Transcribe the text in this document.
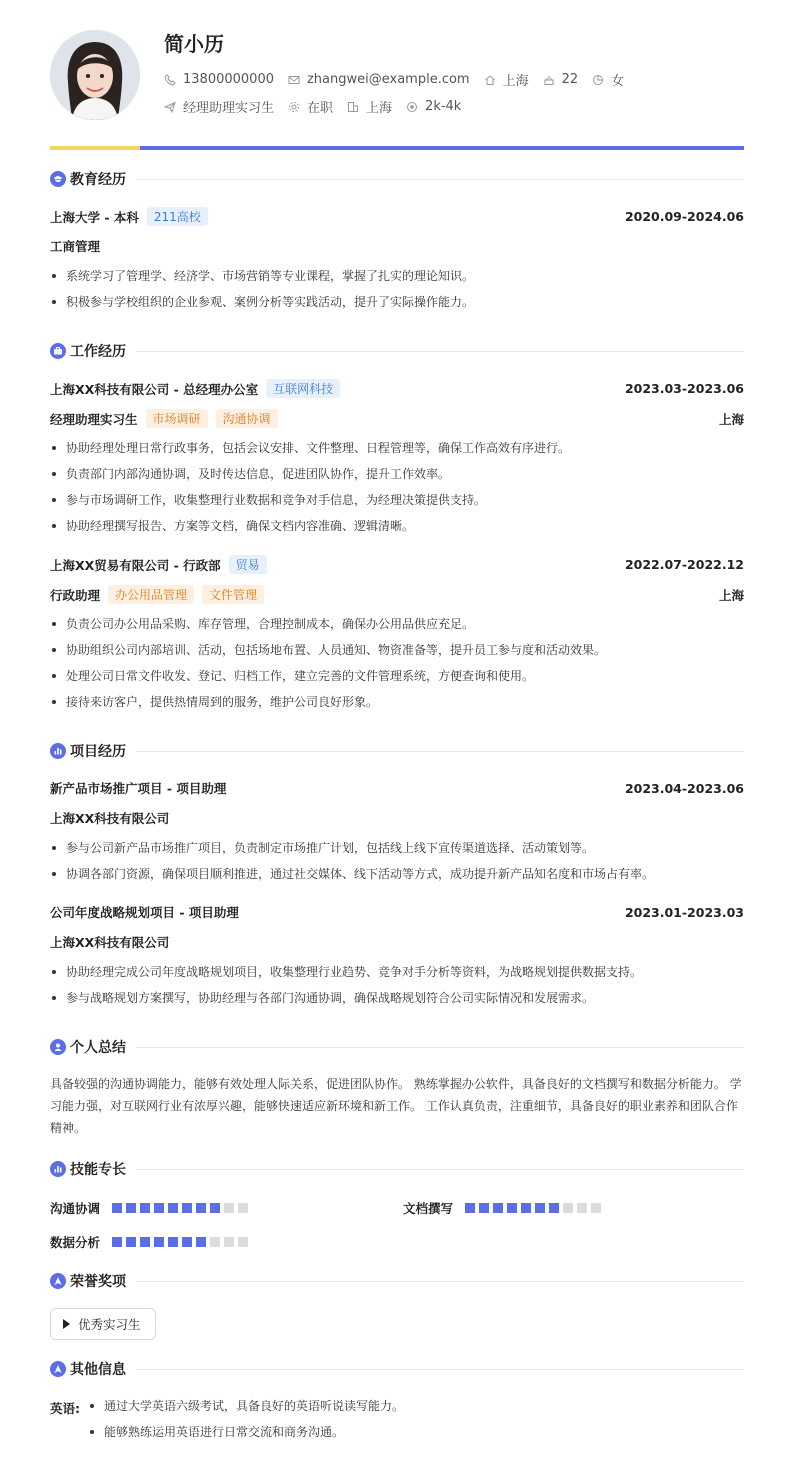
简小历
13800000000	zhangwei@example.com	上海	22	女
经理助理实习生	在职	上海	2k-4k
教育经历
上海大学 - 本科	211高校	2020.09-2024.06
工商管理
系统学习了管理学、经济学、市场营销等专业课程，掌握了扎实的理论知识。
积极参与学校组织的企业参观、案例分析等实践活动，提升了实际操作能力。
工作经历
上海XX科技有限公司 - 总经理办公室	互联网科技	2023.03-2023.06
经理助理实习生	市场调研	沟通协调	上海
协助经理处理日常行政事务，包括会议安排、文件整理、日程管理等，确保工作高效有序进行。
负责部门内部沟通协调，及时传达信息，促进团队协作，提升工作效率。
参与市场调研工作，收集整理行业数据和竞争对手信息，为经理决策提供支持。
协助经理撰写报告、方案等文档，确保文档内容准确、逻辑清晰。
上海XX贸易有限公司 - 行政部	贸易	2022.07-2022.12
行政助理	办公用品管理	文件管理	上海
负责公司办公用品采购、库存管理，合理控制成本，确保办公用品供应充足。
协助组织公司内部培训、活动，包括场地布置、人员通知、物资准备等，提升员工参与度和活动效果。
处理公司日常文件收发、登记、归档工作，建立完善的文件管理系统，方便查询和使用。
接待来访客户，提供热情周到的服务，维护公司良好形象。
项目经历
新产品市场推广项目 - 项目助理	2023.04-2023.06
上海XX科技有限公司
参与公司新产品市场推广项目，负责制定市场推广计划，包括线上线下宣传渠道选择、活动策划等。
协调各部门资源，确保项目顺利推进，通过社交媒体、线下活动等方式，成功提升新产品知名度和市场占有率。
公司年度战略规划项目 - 项目助理	2023.01-2023.03
上海XX科技有限公司
协助经理完成公司年度战略规划项目，收集整理行业趋势、竞争对手分析等资料，为战略规划提供数据支持。
参与战略规划方案撰写，协助经理与各部门沟通协调，确保战略规划符合公司实际情况和发展需求。
个人总结
具备较强的沟通协调能力，能够有效处理人际关系，促进团队协作。 熟练掌握办公软件，具备良好的文档撰写和数据分析能力。 学
习能力强，对互联网行业有浓厚兴趣，能够快速适应新环境和新工作。 工作认真负责，注重细节，具备良好的职业素养和团队合作
精神。
技能专长
沟通协调	文档撰写
数据分析
荣誉奖项
优秀实习生
其他信息
英语:	通过大学英语六级考试，具备良好的英语听说读写能力。
能够熟练运用英语进行日常交流和商务沟通。
